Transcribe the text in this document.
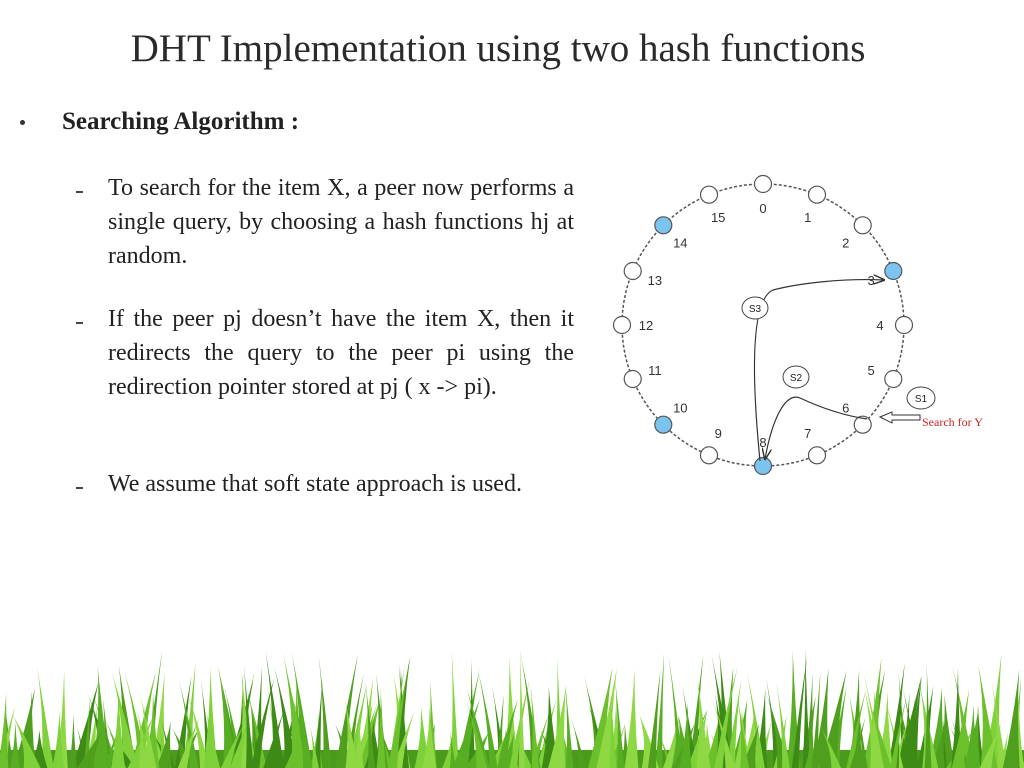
DHT Implementation using two hash functions
Searching Algorithm :
To search for the item X, a peer now performs a single query, by choosing a hash functions hj at random.
If the peer pj doesn’t have the item X, then it redirects the query to the peer pi using the redirection pointer stored at pj ( x -> pi).
We assume that soft state approach is used.
0
1
2
3
4
5
6
7
8
9
10
11
12
13
14
15
S3
S2
S1
Search for Y
